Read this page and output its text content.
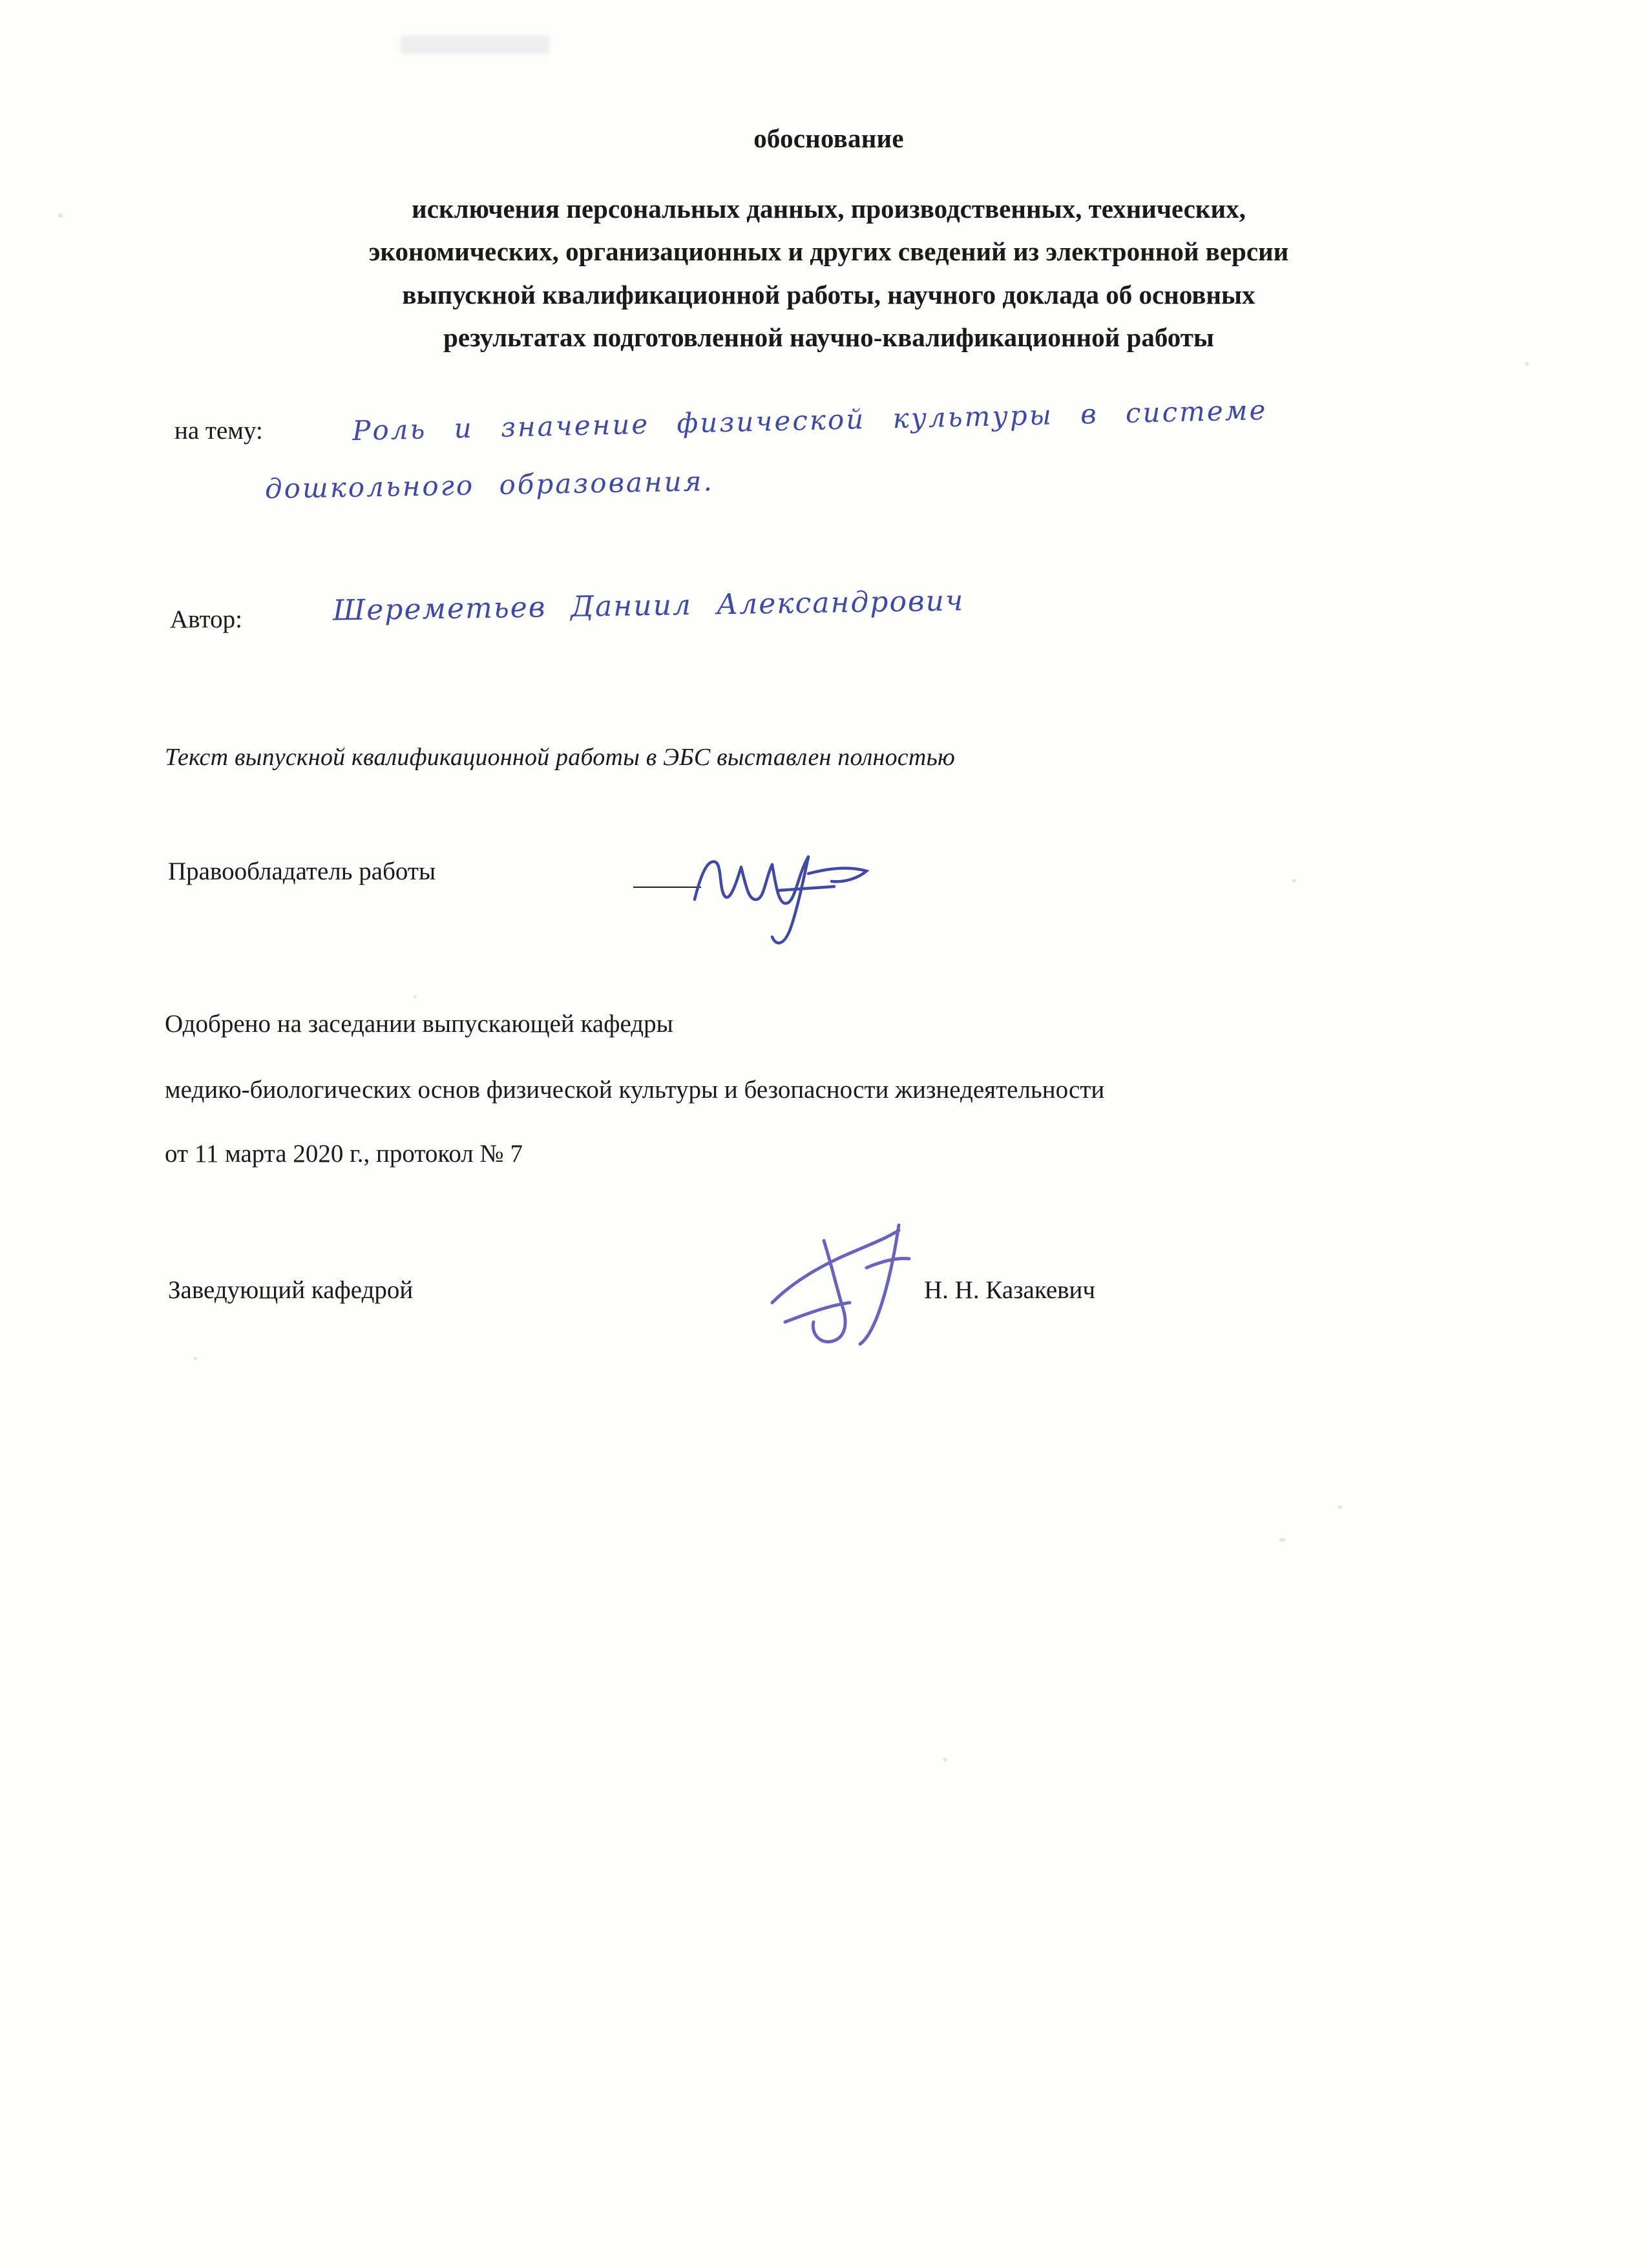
обоснование
исключения персональных данных, производственных, технических,
экономических, организационных и других сведений из электронной версии
выпускной квалификационной работы, научного доклада об основных
результатах подготовленной научно-квалификационной работы
на тему:	Роль и значение физической культуры в системе
дошкольного образования.
Автор:	Шереметьев Даниил Александрович
Текст выпускной квалификационной работы в ЭБС выставлен полностью
Правообладатель работы
Одобрено на заседании выпускающей кафедры
медико-биологических основ физической культуры и безопасности жизнедеятельности
от 11 марта 2020 г., протокол № 7
Заведующий кафедрой	Н. Н. Казакевич
